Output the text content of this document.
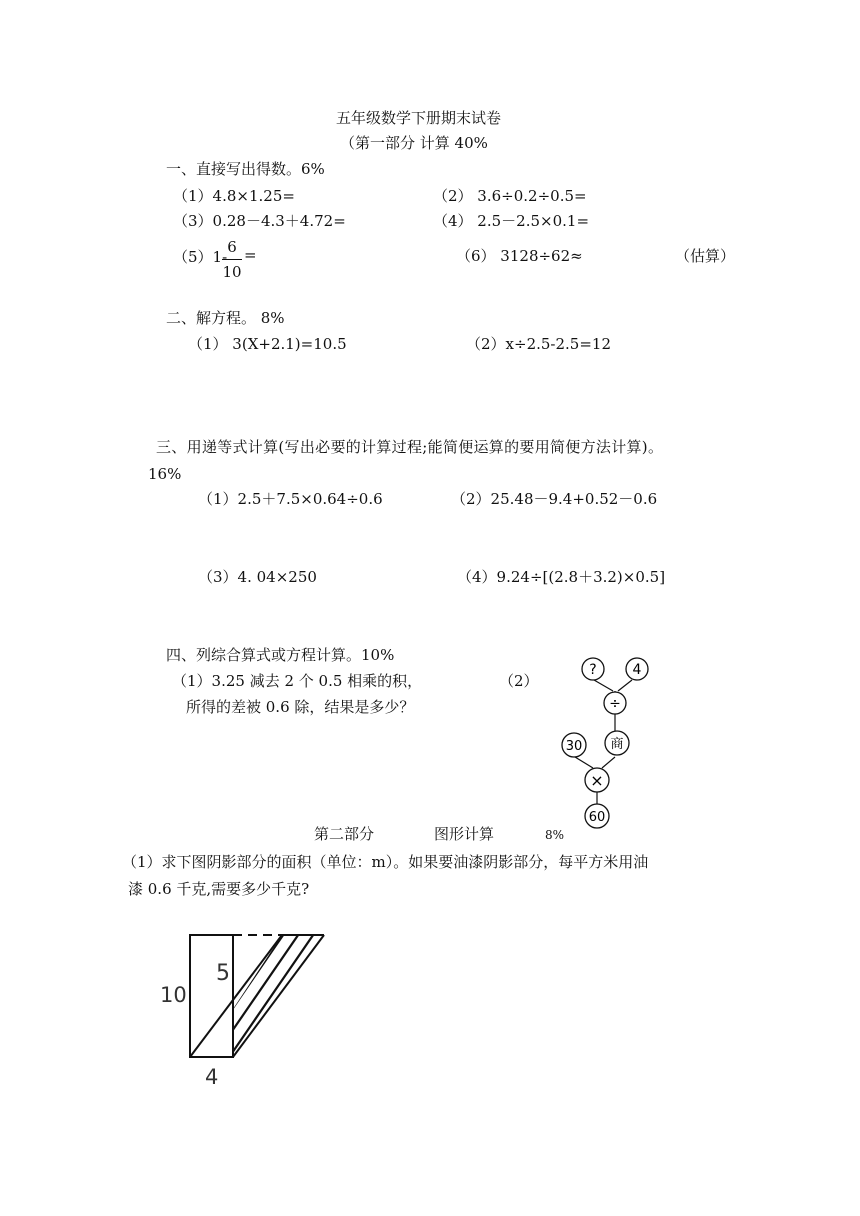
五年级数学下册期末试卷
（第一部分 计算 40%
一、直接写出得数。6%
（1）4.8×1.25=	（2） 3.6÷0.2÷0.5=
（3）0.28－4.3＋4.72=	（4） 2.5－2.5×0.1=
（5）1-
6
10
=	（6） 3128÷62≈	（估算）
二、解方程。 8%
（1） 3(X+2.1)=10.5	（2）x÷2.5-2.5=12
三、用递等式计算(写出必要的计算过程;能简便运算的要用简便方法计算)。
16%
（1）2.5＋7.5×0.64÷0.6	（2）25.48－9.4+0.52－0.6
（3）4. 04×250	（4）9.24÷[(2.8＋3.2)×0.5]
四、列综合算式或方程计算。10%
（1）3.25 减去 2 个 0.5 相乘的积，
所得的差被 0.6 除，结果是多少？
（2）
?	4
÷
30 商
×
60
第二部分	图形计算	8%
（1）求下图阴影部分的面积（单位：m）。如果要油漆阴影部分，每平方米用油
漆 0.6 千克,需要多少千克?
10
5
4
